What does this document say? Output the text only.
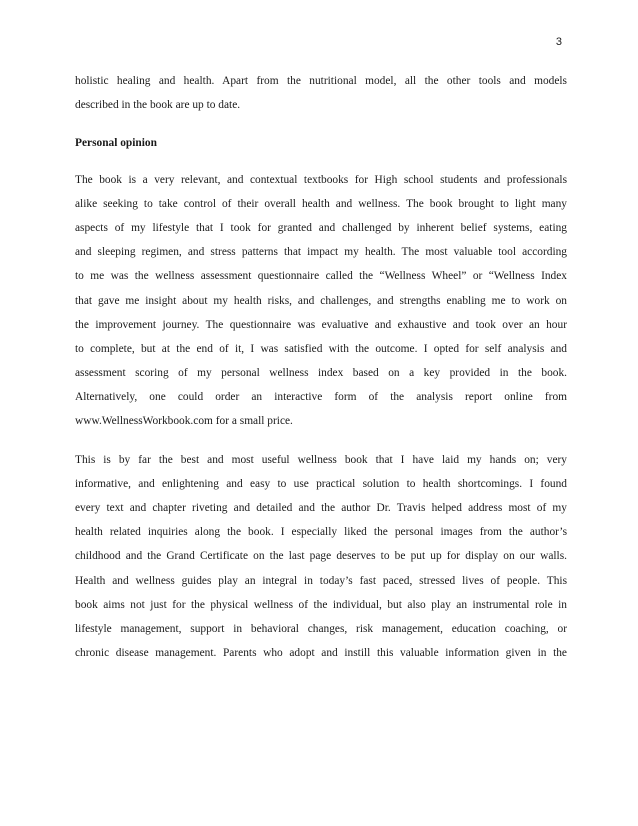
3
holistic healing and health. Apart from the nutritional model, all the other tools and models
described in the book are up to date.
Personal opinion
The book is a very relevant, and contextual textbooks for High school students and professionals
alike seeking to take control of their overall health and wellness. The book brought to light many
aspects of my lifestyle that I took for granted and challenged by inherent belief systems, eating
and sleeping regimen, and stress patterns that impact my health. The most valuable tool according
to me was the wellness assessment questionnaire called the “Wellness Wheel” or “Wellness Index
that gave me insight about my health risks, and challenges, and strengths enabling me to work on
the improvement journey. The questionnaire was evaluative and exhaustive and took over an hour
to complete, but at the end of it, I was satisfied with the outcome. I opted for self analysis and
assessment scoring of my personal wellness index based on a key provided in the book.
Alternatively, one could order an interactive form of the analysis report online from
www.WellnessWorkbook.com for a small price.
This is by far the best and most useful wellness book that I have laid my hands on; very
informative, and enlightening and easy to use practical solution to health shortcomings. I found
every text and chapter riveting and detailed and the author Dr. Travis helped address most of my
health related inquiries along the book. I especially liked the personal images from the author’s
childhood and the Grand Certificate on the last page deserves to be put up for display on our walls.
Health and wellness guides play an integral in today’s fast paced, stressed lives of people. This
book aims not just for the physical wellness of the individual, but also play an instrumental role in
lifestyle management, support in behavioral changes, risk management, education coaching, or
chronic disease management. Parents who adopt and instill this valuable information given in the
